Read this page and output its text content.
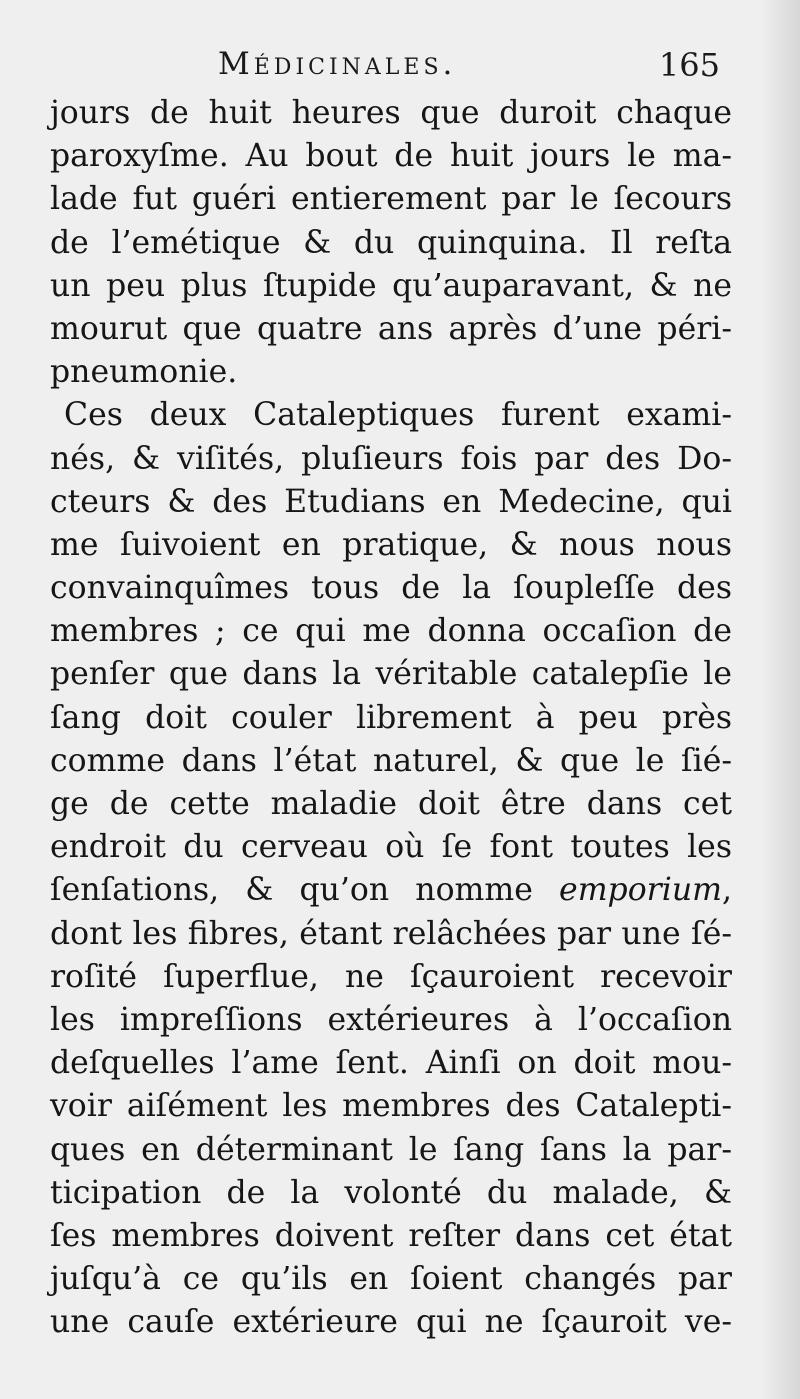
Médicinales.	165
jours de huit heures que duroit chaque
paroxyſme. Au bout de huit jours le ma-
lade fut guéri entierement par le ſecours
de l’emétique & du quinquina. Il reſta
un peu plus ſtupide qu’auparavant, & ne
mourut que quatre ans après d’une péri-
pneumonie.
Ces deux Cataleptiques furent exami-
nés, & viſités, pluſieurs fois par des Do-
cteurs & des Etudians en Medecine, qui
me ſuivoient en pratique, & nous nous
convainquîmes tous de la ſoupleſſe des
membres ; ce qui me donna occaſion de
penſer que dans la véritable catalepſie le
ſang doit couler librement à peu près
comme dans l’état naturel, & que le ſié-
ge de cette maladie doit être dans cet
endroit du cerveau où ſe font toutes les
ſenſations, & qu’on nomme emporium,
dont les fibres, étant relâchées par une ſé-
roſité ſuperflue, ne ſçauroient recevoir
les impreſſions extérieures à l’occaſion
deſquelles l’ame ſent. Ainſi on doit mou-
voir aiſément les membres des Catalepti-
ques en déterminant le ſang ſans la par-
ticipation de la volonté du malade, &
ſes membres doivent reſter dans cet état
juſqu’à ce qu’ils en ſoient changés par
une cauſe extérieure qui ne ſçauroit ve-
